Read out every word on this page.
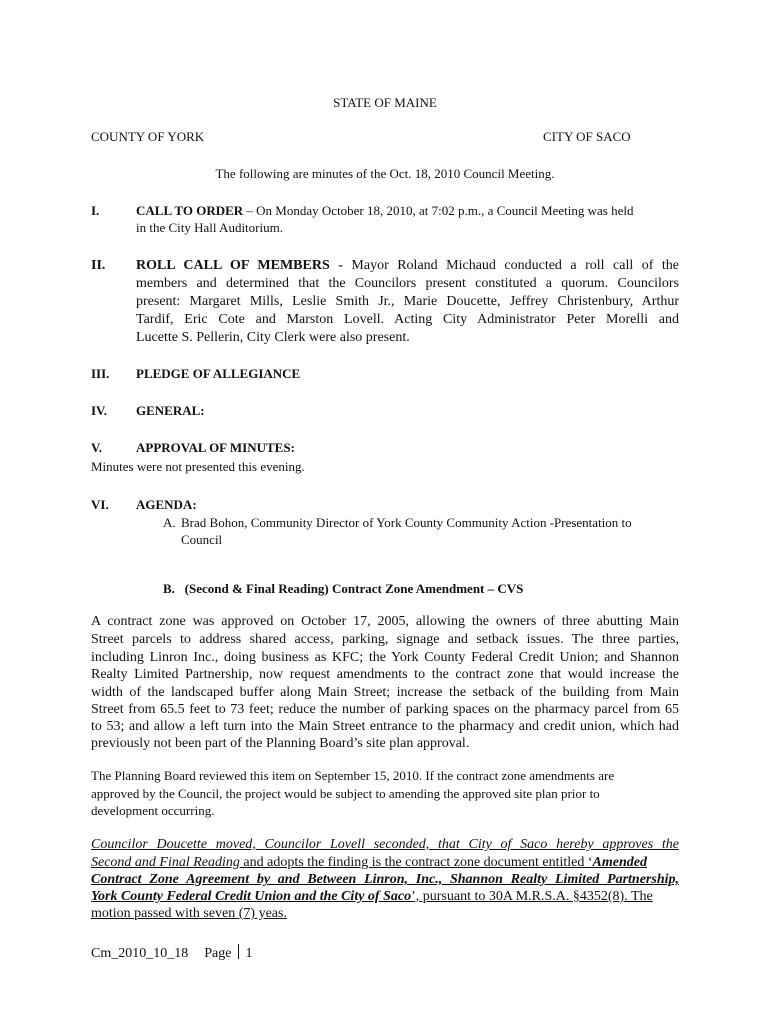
STATE OF MAINE
COUNTY OF YORK	CITY OF SACO
The following are minutes of the Oct. 18, 2010 Council Meeting.
I.	CALL TO ORDER – On Monday October 18, 2010, at 7:02 p.m., a Council Meeting was held
in the City Hall Auditorium.
II. ROLL CALL OF MEMBERS - Mayor Roland Michaud conducted a roll call of the
members and determined that the Councilors present constituted a quorum. Councilors
present: Margaret Mills, Leslie Smith Jr., Marie Doucette, Jeffrey Christenbury, Arthur
Tardif, Eric Cote and Marston Lovell. Acting City Administrator Peter Morelli and
Lucette S. Pellerin, City Clerk were also present.
III. PLEDGE OF ALLEGIANCE
IV. GENERAL:
V.	APPROVAL OF MINUTES:
Minutes were not presented this evening.
VI. AGENDA:
A. Brad Bohon, Community Director of York County Community Action -Presentation to
Council
B.   (Second & Final Reading) Contract Zone Amendment – CVS
A contract zone was approved on October 17, 2005, allowing the owners of three abutting Main
Street parcels to address shared access, parking, signage and setback issues. The three parties,
including Linron Inc., doing business as KFC; the York County Federal Credit Union; and Shannon
Realty Limited Partnership, now request amendments to the contract zone that would increase the
width of the landscaped buffer along Main Street; increase the setback of the building from Main
Street from 65.5 feet to 73 feet; reduce the number of parking spaces on the pharmacy parcel from 65
to 53; and allow a left turn into the Main Street entrance to the pharmacy and credit union, which had
previously not been part of the Planning Board’s site plan approval.
The Planning Board reviewed this item on September 15, 2010. If the contract zone amendments are
approved by the Council, the project would be subject to amending the approved site plan prior to
development occurring.
Councilor Doucette moved, Councilor Lovell seconded, that City of Saco hereby approves the
Second and Final Reading and adopts the finding is the contract zone document entitled ‘Amended
Contract Zone Agreement by and Between Linron, Inc., Shannon Realty Limited Partnership,
York County Federal Credit Union and the City of Saco’, pursuant to 30A M.R.S.A. §4352(8). The
motion passed with seven (7) yeas.
Cm_2010_10_18 Page 1
